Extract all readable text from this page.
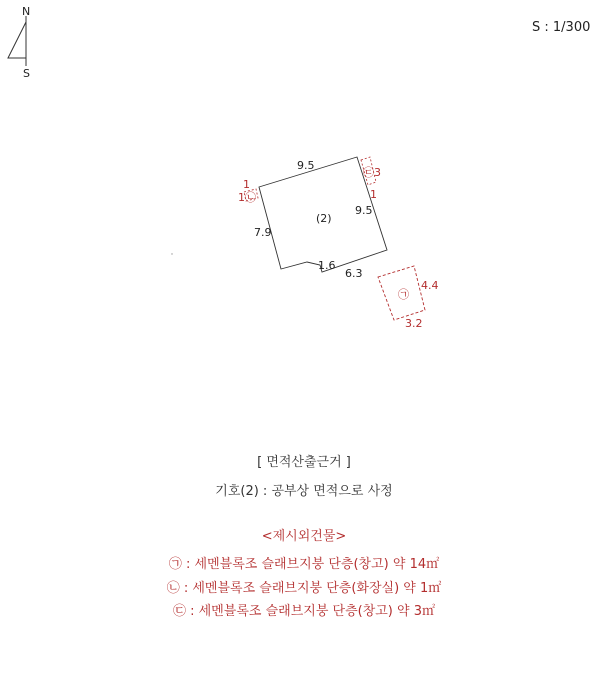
N
S
9.5
9.5
7.9
1.6
6.3
(2)
㉢3
1
1
1㉡
㉠
4.4
3.2
S : 1/300
[ 면적산출근거 ]
기호(2) : 공부상 면적으로 사정
<제시외건물>
㉠ : 세멘블록조 슬래브지붕 단층(창고) 약 14㎡
㉡ : 세멘블록조 슬래브지붕 단층(화장실) 약 1㎡
㉢ : 세멘블록조 슬래브지붕 단층(창고) 약 3㎡
